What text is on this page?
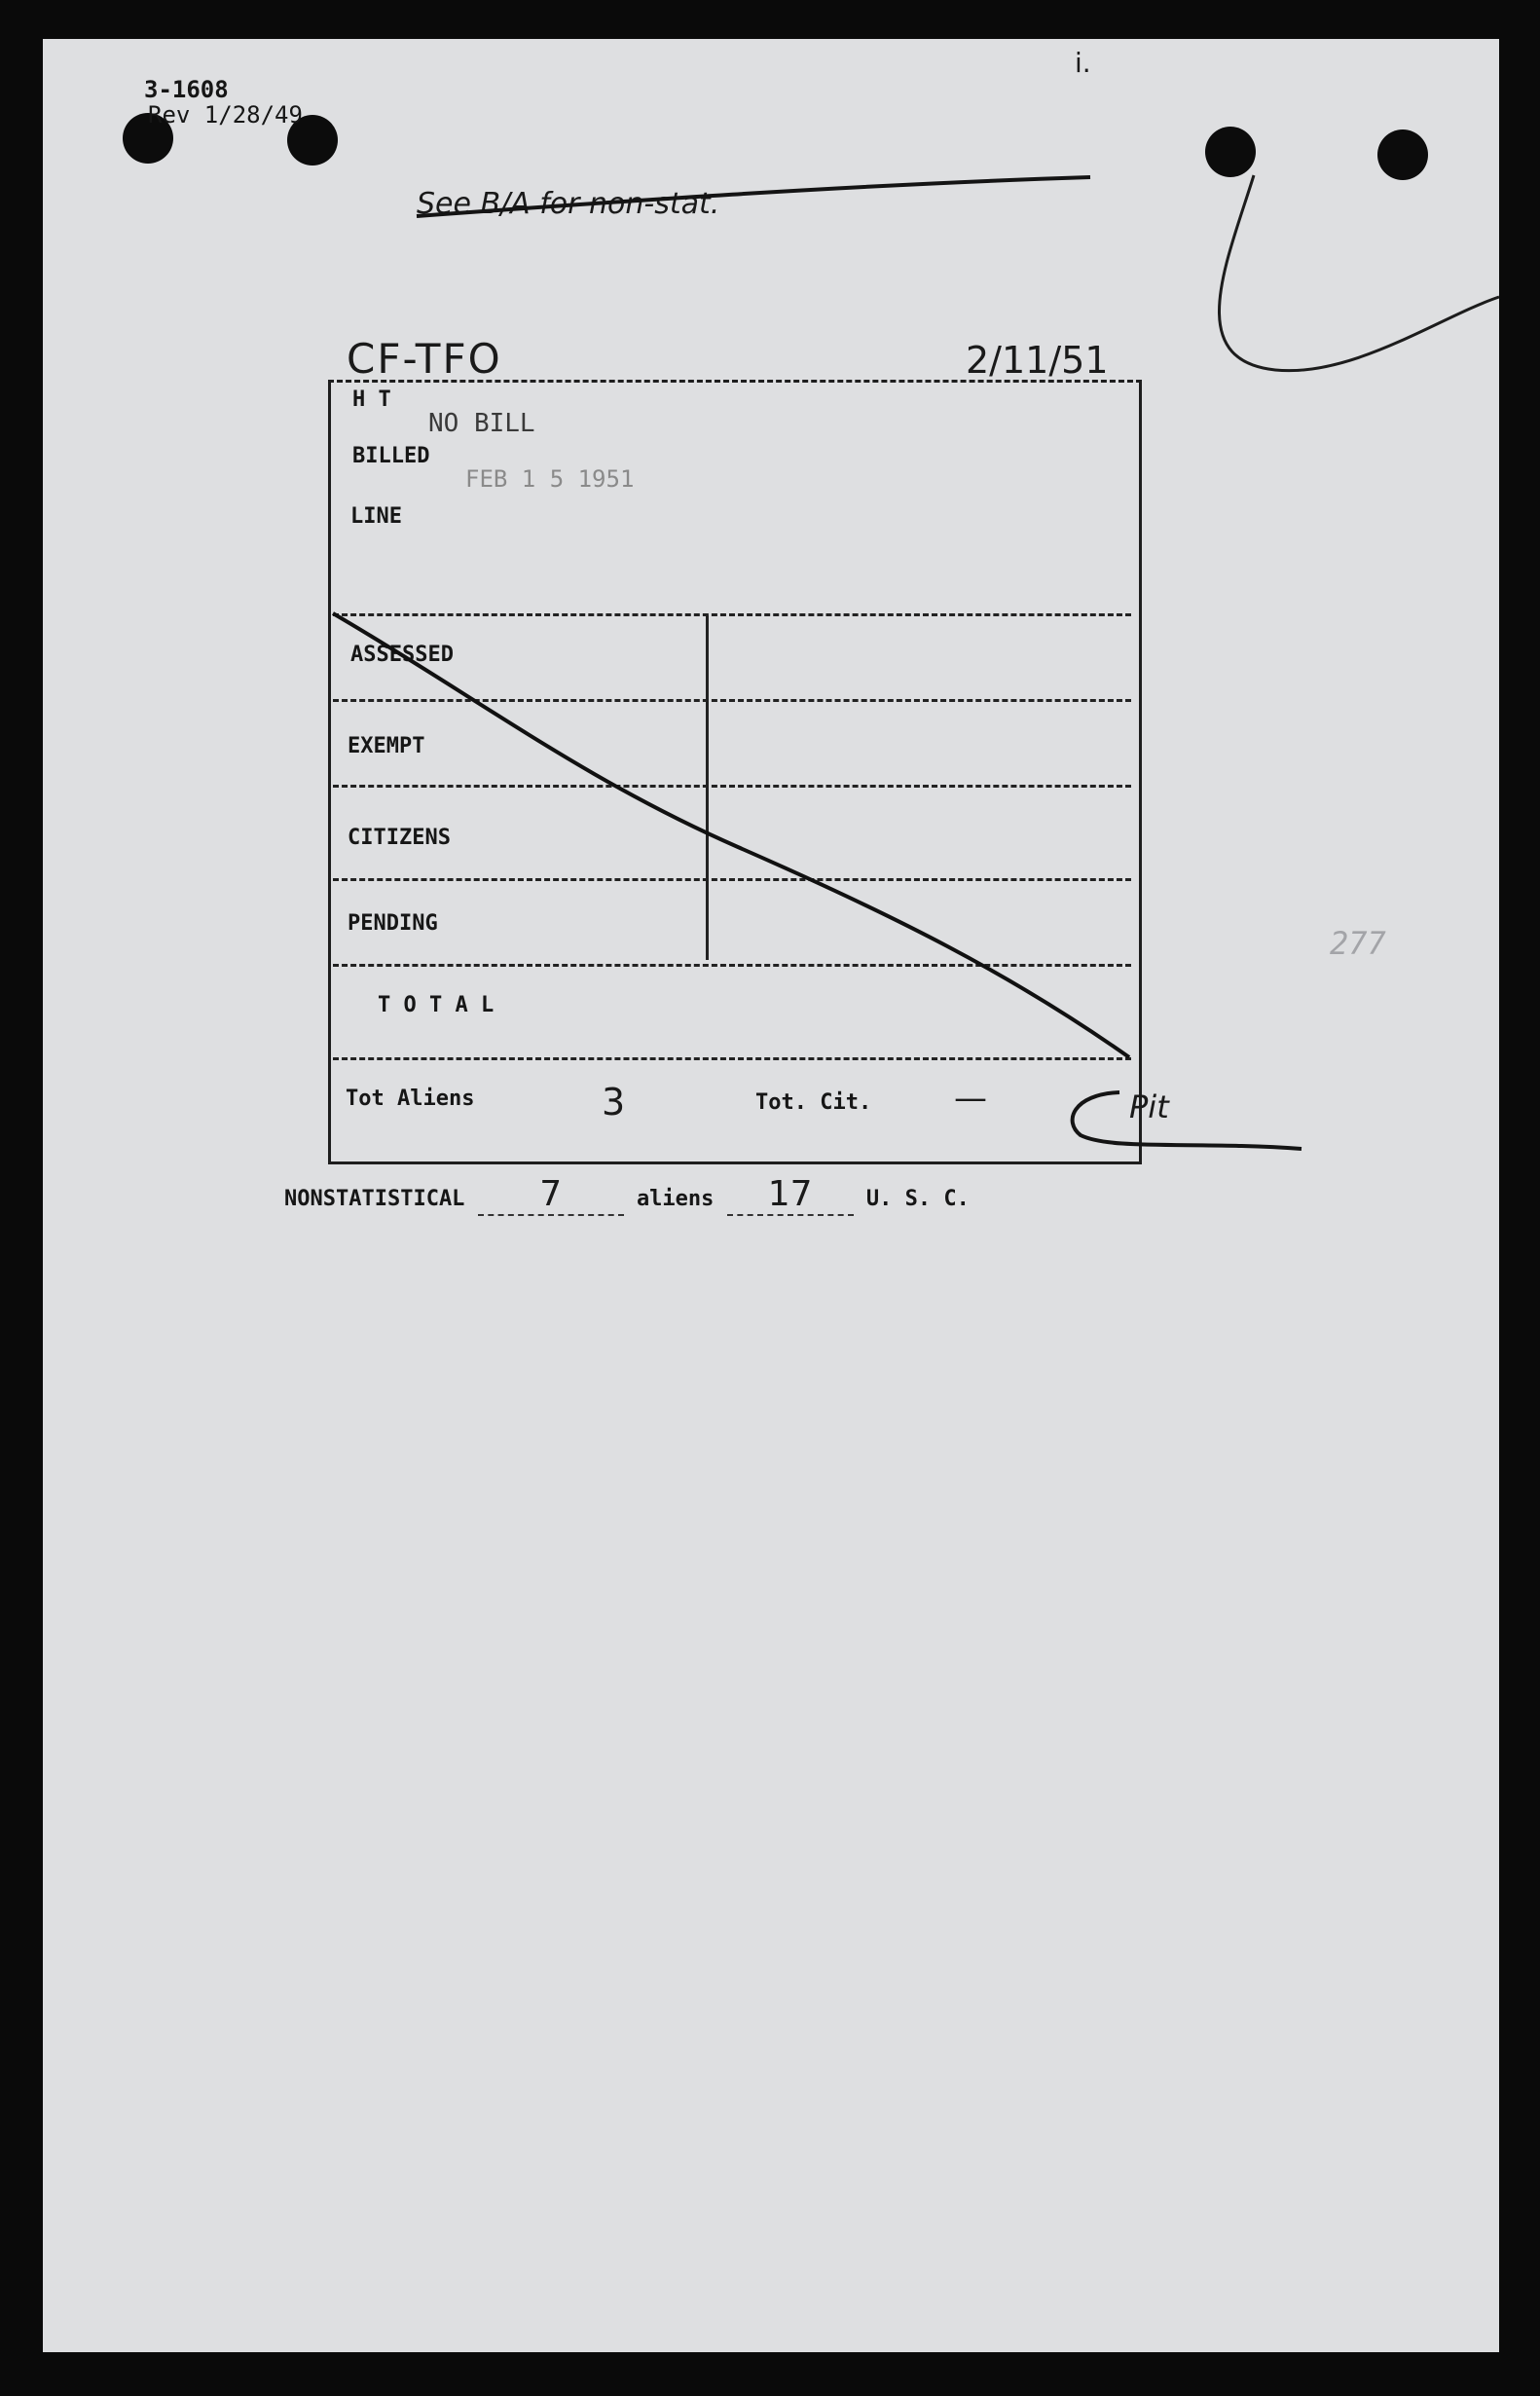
3-1608
Rev 1/28/49
i.
See B/A for non-stat.
CF-TFO	2/11/51
H T
NO BILL
BILLED
FEB 1 5 1951
LINE
ASSESSED
EXEMPT
CITIZENS
PENDING
T O T A L
Tot Aliens	3	Tot. Cit. —	Pit
NONSTATISTICAL 7	aliens 17	U. S. C.
277
